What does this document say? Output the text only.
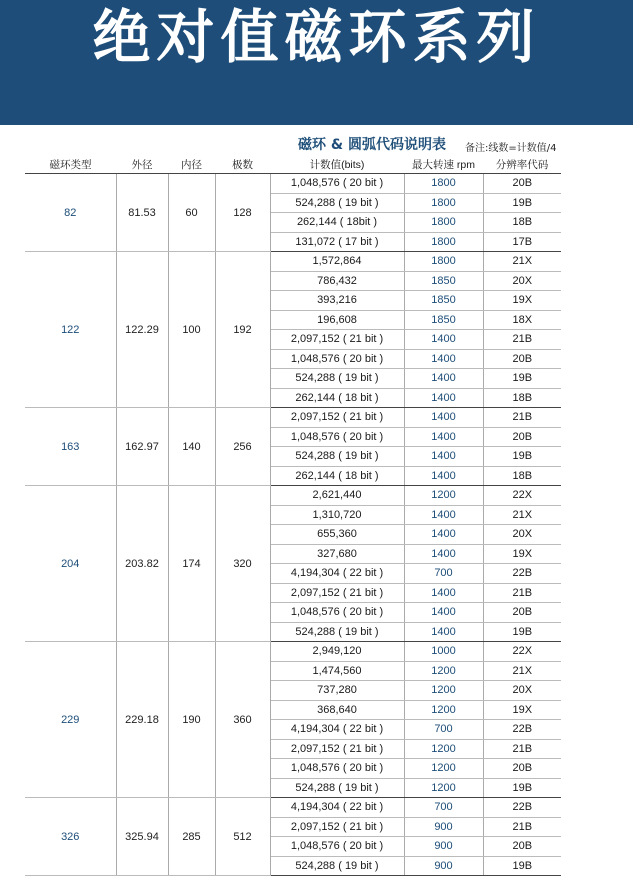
绝对值磁环系列
磁环 & 圆弧代码说明表 备注:线数=计数值/4
磁环类型	外径	内径	极数	计数值(bits)	最大转速 rpm	分辨率代码
82	81.53	60	128	1,048,576 ( 20 bit )	1800	20B
				524,288 ( 19 bit )	1800	19B
				262,144 ( 18bit )	1800	18B
				131,072 ( 17 bit )	1800	17B
122	122.29	100	192	1,572,864	1800	21X
				786,432	1850	20X
				393,216	1850	19X
				196,608	1850	18X
				2,097,152 ( 21 bit )	1400	21B
				1,048,576 ( 20 bit )	1400	20B
				524,288 ( 19 bit )	1400	19B
				262,144 ( 18 bit )	1400	18B
163	162.97	140	256	2,097,152 ( 21 bit )	1400	21B
				1,048,576 ( 20 bit )	1400	20B
				524,288 ( 19 bit )	1400	19B
				262,144 ( 18 bit )	1400	18B
204	203.82	174	320	2,621,440	1200	22X
				1,310,720	1400	21X
				655,360	1400	20X
				327,680	1400	19X
				4,194,304 ( 22 bit )	700	22B
				2,097,152 ( 21 bit )	1400	21B
				1,048,576 ( 20 bit )	1400	20B
				524,288 ( 19 bit )	1400	19B
229	229.18	190	360	2,949,120	1000	22X
				1,474,560	1200	21X
				737,280	1200	20X
				368,640	1200	19X
				4,194,304 ( 22 bit )	700	22B
				2,097,152 ( 21 bit )	1200	21B
				1,048,576 ( 20 bit )	1200	20B
				524,288 ( 19 bit )	1200	19B
326	325.94	285	512	4,194,304 ( 22 bit )	700	22B
				2,097,152 ( 21 bit )	900	21B
				1,048,576 ( 20 bit )	900	20B
				524,288 ( 19 bit )	900	19B
